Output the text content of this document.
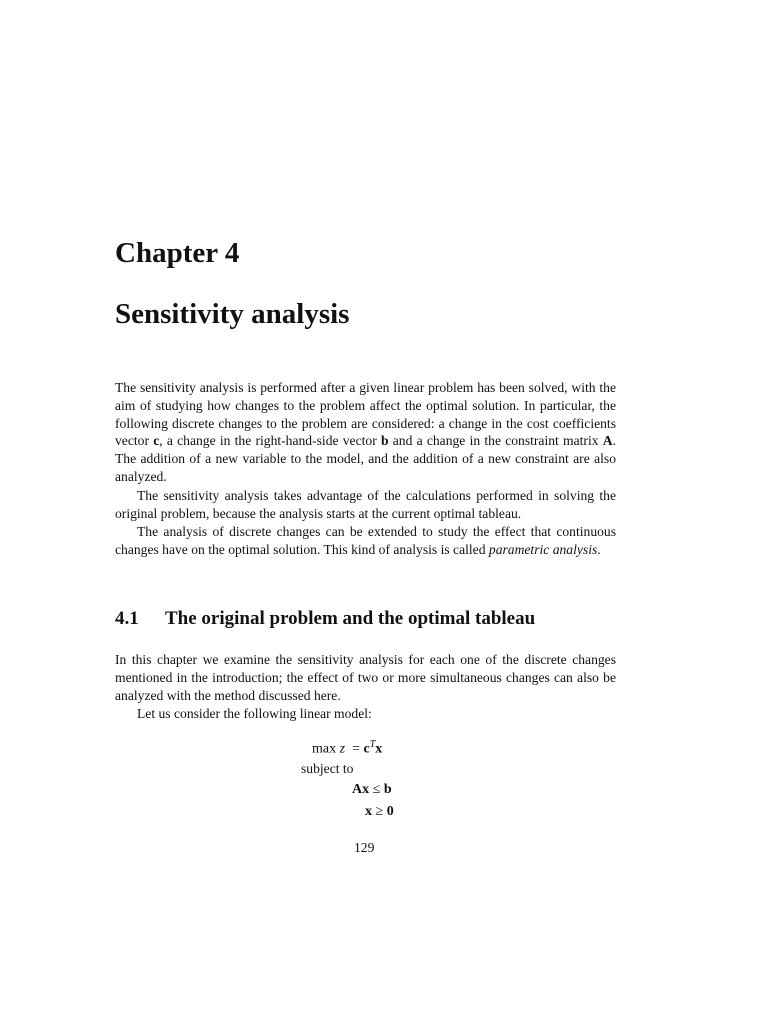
Chapter 4
Sensitivity analysis

The sensitivity analysis is performed after a given linear problem has been solved, with the aim of studying how changes to the problem affect the optimal solution. In particular, the following discrete changes to the problem are considered: a change in the cost coefficients vector c, a change in the right-hand-side vector b and a change in the constraint matrix A. The addition of a new variable to the model, and the addition of a new constraint are also analyzed.

The sensitivity analysis takes advantage of the calculations performed in solving the original problem, because the analysis starts at the current optimal tableau.

The analysis of discrete changes can be extended to study the effect that continuous changes have on the optimal solution. This kind of analysis is called parametric analysis.

4.1 The original problem and the optimal tableau

In this chapter we examine the sensitivity analysis for each one of the discrete changes mentioned in the introduction; the effect of two or more simultaneous changes can also be analyzed with the method discussed here.

Let us consider the following linear model:

$\max z = c^Tx$
subject to
Ax ≤ b
x ≥ 0
129
